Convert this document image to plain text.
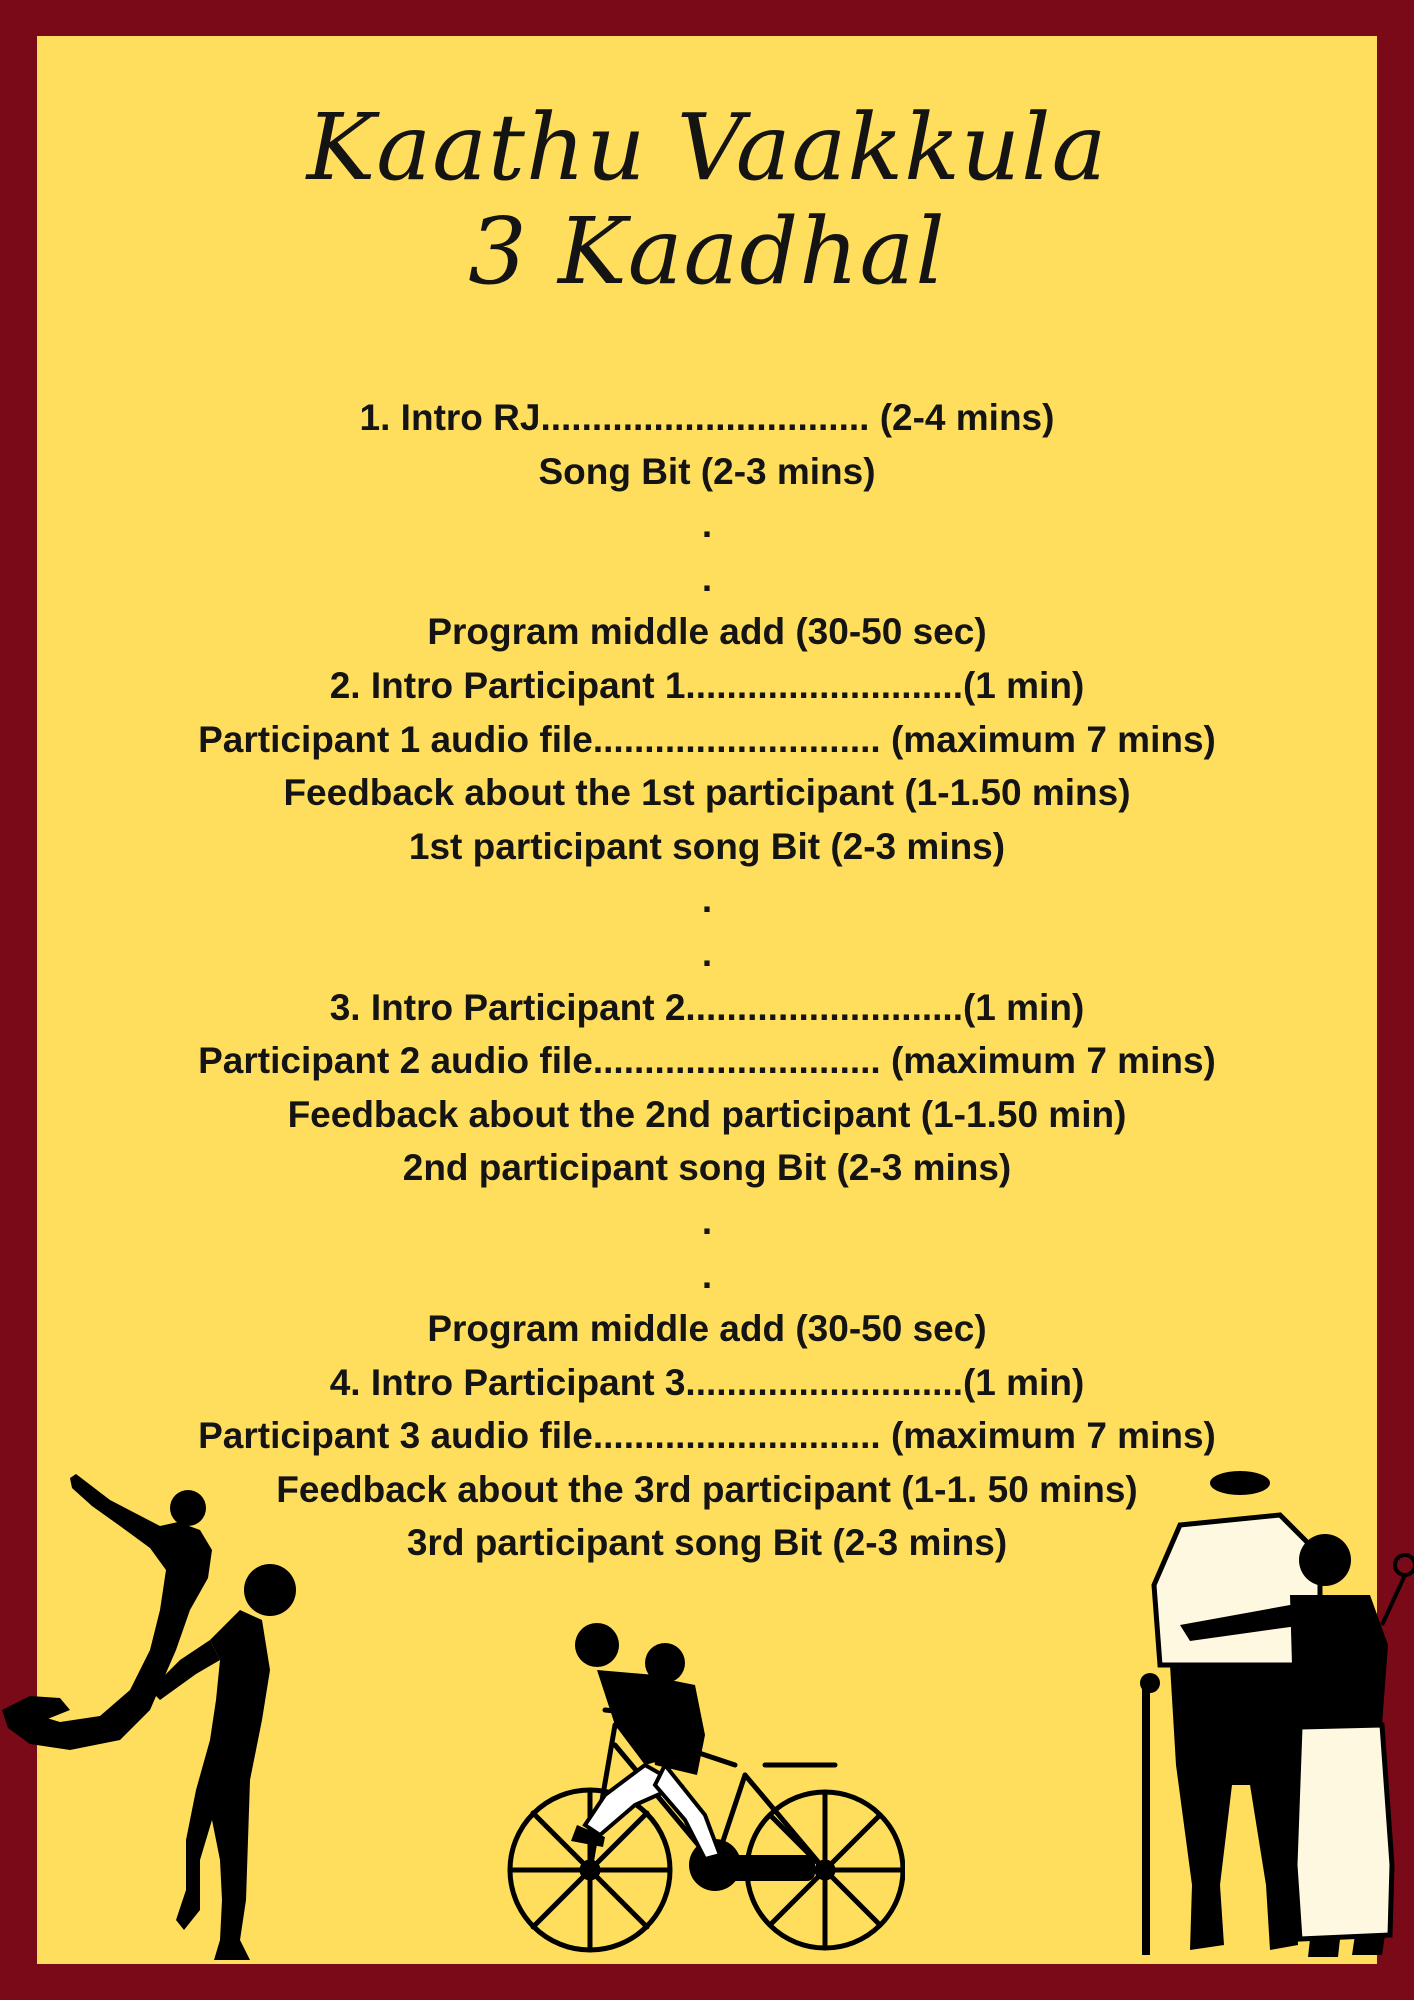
Kaathu Vaakkula
3 Kaadhal
1. Intro RJ................................ (2-4 mins)
Song Bit (2-3 mins)
.
.
Program middle add (30-50 sec)
2. Intro Participant 1...........................(1 min)
Participant 1 audio file............................ (maximum 7 mins)
Feedback about the 1st participant (1-1.50 mins)
1st participant song Bit (2-3 mins)
.
.
3. Intro Participant 2...........................(1 min)
Participant 2 audio file............................ (maximum 7 mins)
Feedback about the 2nd participant (1-1.50 min)
2nd participant song Bit (2-3 mins)
.
.
Program middle add (30-50 sec)
4. Intro Participant 3...........................(1 min)
Participant 3 audio file............................ (maximum 7 mins)
Feedback about the 3rd participant (1-1. 50 mins)
3rd participant song Bit (2-3 mins)
